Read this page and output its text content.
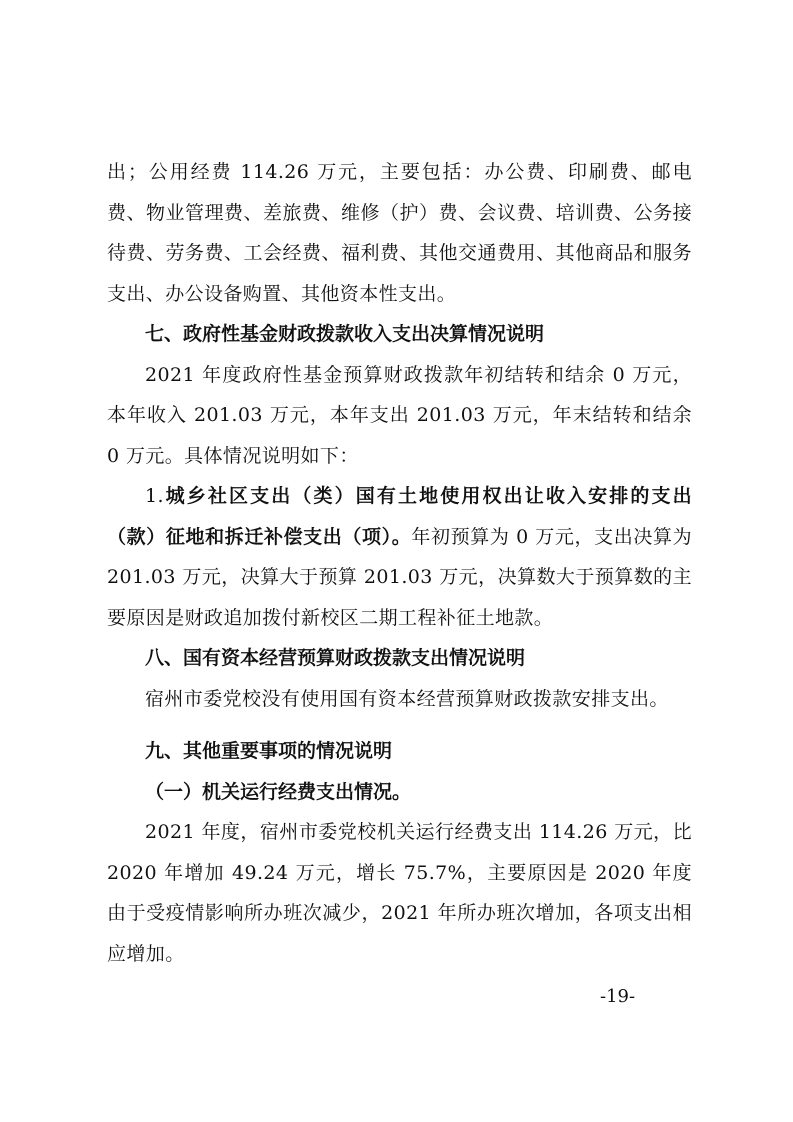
出；公用经费 114.26 万元，主要包括：办公费、印刷费、邮电费、物业管理费、差旅费、维修（护）费、会议费、培训费、公务接待费、劳务费、工会经费、福利费、其他交通费用、其他商品和服务支出、办公设备购置、其他资本性支出。

七、政府性基金财政拨款收入支出决算情况说明

2021 年度政府性基金预算财政拨款年初结转和结余 0 万元，本年收入 201.03 万元，本年支出 201.03 万元，年末结转和结余 0 万元。具体情况说明如下：

1.城乡社区支出（类）国有土地使用权出让收入安排的支出（款）征地和拆迁补偿支出（项）。年初预算为 0 万元，支出决算为 201.03 万元，决算大于预算 201.03 万元，决算数大于预算数的主要原因是财政追加拨付新校区二期工程补征土地款。

八、国有资本经营预算财政拨款支出情况说明

宿州市委党校没有使用国有资本经营预算财政拨款安排支出。

九、其他重要事项的情况说明

（一）机关运行经费支出情况。

2021 年度，宿州市委党校机关运行经费支出 114.26 万元，比 2020 年增加 49.24 万元，增长 75.7%，主要原因是 2020 年度由于受疫情影响所办班次减少，2021 年所办班次增加，各项支出相应增加。

-19-
